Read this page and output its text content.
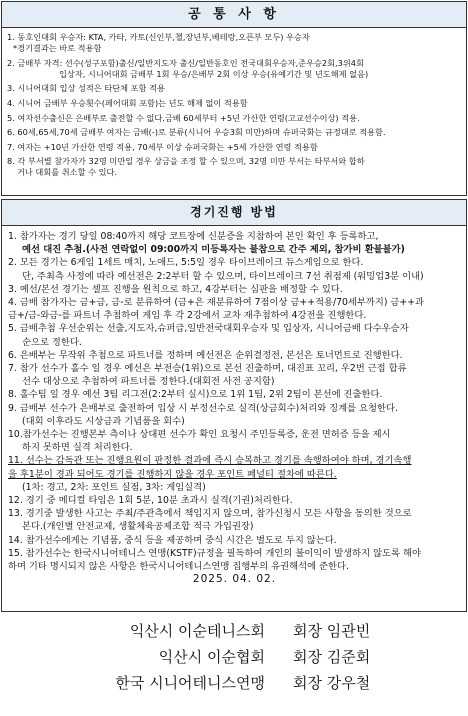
공 통 사 항

1. 동호인대회 우승자: KTA, 카타, 카토(신인부,챌,장년부,베테랑,오픈부 모두) 우승자

*경기결과는 바로 적용함

2. 금배부 자격: 선수(성구포함)출신/일반지도자 출신/일반동호인 전국대회우승자,준우승2회,3위4회

입상자, 시니어대회 금배부 1회 우승/은배부 2회 이상 우승(유예기간 및 년도해제 없음)

3. 시니어대회 입상 성적은 타단체 포함 적용

4. 시니어 금배부 우승횟수(페어대회 포함)는 년도 해제 없이 적용함

5. 여자선수출신은 은배부로 출전할 수 없다.금배 60세부터 +5년 가산한 연령(고교선수이상) 적용.

6. 60세,65세,70세 금배부 여자는 금배(-)로 분류(시니어 우승3회 미만)하며 슈퍼국화는 규정대로 적용함.

7. 여자는 +10년 가산한 연령 적용, 70세부 이상 슈퍼국화는 +5세 가산한 연령 적용함

8. 각 부서별 참가자가 32명 미만일 경우 상금을 조정 할 수 있으며, 32명 미만 부서는 타부서와 합하

거나 대회를 취소할 수 있다.

경기진행 방법

1. 참가자는 경기 당일 08:40까지 해당 코트장에 신분증을 지참하여 본인 확인 후 등록하고,

예선 대진 추첨.(사전 연락없이 09:00까지 미등록자는 불참으로 간주 제외, 참가비 환불불가)

2. 모든 경기는 6게임 1세트 매치, 노애드, 5:5일 경우 타이브레이크 듀스게임으로 한다.

단, 주최측 사정에 따라 예선전은 2:2부터 할 수 있으며, 타이브레이크 7선 취점제 (워밍업3분 이내)

3. 예선/본선 경기는 셀프 진행을 원칙으로 하고, 4강부터는 심판을 배정할 수 있다.

4. 금배 참가자는 금+금, 금-로 분류하여 (금+은 재분류하여 7점이상 금++적용/70세부까지) 금++과

금+/금-와금-를 파트너 추첨하여 게임 후 각 2강에서 교차 재추첨하여 4강전을 진행한다.

5. 금배추첨 우선순위는 선출,지도자,슈퍼급,일반전국대회우승자 및 입상자, 시니어금배 다수우승자

순으로 정한다.

6. 은배부는 무작위 추첨으로 파트너를 정하며 예선전은 순위결정전, 본선은 토너먼트로 진행한다.

7. 참가 선수가 홀수 일 경우 예선은 부전승(1위)으로 본선 진출하며, 대진표 꼬리, 우2번 근접 합류

선수 대상으로 추첨하여 파트너를 정한다.(대회전 사전 공지함)

8. 홀수팀 일 경우 예선 3팀 리그전(2:2부터 실시)으로 1위 1팀, 2위 2팀이 본선에 진출한다.

9. 금배부 선수가 은배부로 출전하여 입상 시 부정선수로 실격(상금회수)처리와 징계를 요청한다.

(대회 이후라도 시상금과 기념품을 회수)

10.참가선수는 진행본부 측이나 상대편 선수가 확인 요청시 주민등록증, 운전 면허증 등을 제시

하지 못하면 실격 처리한다.

11. 선수는 감독관 또는 진행요원이 판정한 결과에 즉시 승복하고 경기를 속행하여야 하며, 경기속행

을 후1분이 경과 되어도 경기를 진행하지 않을 경우 포인트 페널티 절차에 따른다.

(1차: 경고, 2차: 포인트 실점, 3차: 게임실격)

12. 경기 중 메디컬 타임은 1회 5분, 10분 초과시 실격(기권)처리한다.

13. 경기중 발생한 사고는 주최/주관측에서 책임지지 않으며, 참가신청시 모든 사항을 동의한 것으로

본다.(개인별 안전교제, 생활체육공제조합 적극 가입권장)

14. 참가선수에게는 기념품, 중식 등을 제공하며 중식 시간은 별도로 두지 않는다.

15. 참가선수는 한국시니어테니스 연맹(KSTF)규정을 필독하여 개인의 불이익이 발생하지 않도록 해야

하며 기타 명시되지 않은 사항은 한국시니어테니스연맹 집행부의 유권해석에 준한다.

2025. 04. 02.

익산시 이순테니스회 회장 임관빈
익산시 이순협회 회장 김준회
한국 시니어테니스연맹 회장 강우철
